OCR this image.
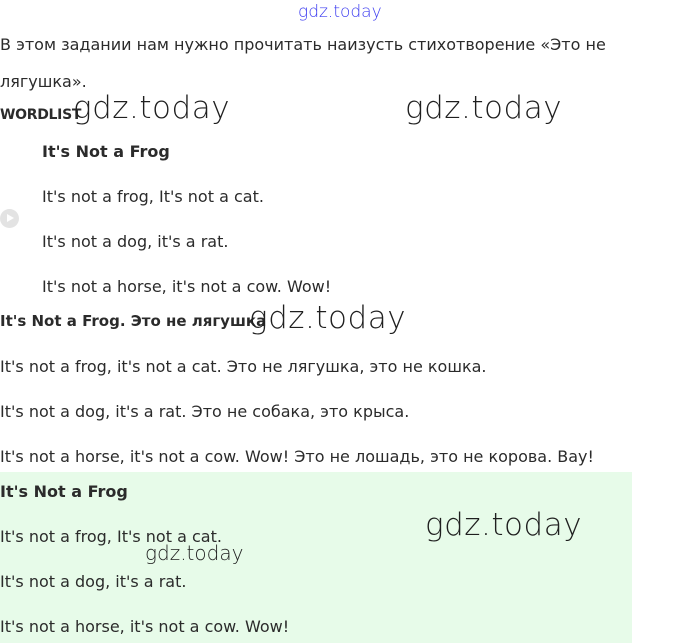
gdz.today
В этом задании нам нужно прочитать наизусть стихотворение «Это не
лягушка».
WORDLIST
gdz.today	gdz.today
It's Not a Frog
It's not a frog, It's not a cat.
It's not a dog, it's a rat.
It's not a horse, it's not a cow. Wow!
It's Not a Frog. Это не лягушка
gdz.today
It's not a frog, it's not a cat. Это не лягушка, это не кошка.
It's not a dog, it's a rat. Это не собака, это крыса.
It's not a horse, it's not a cow. Wow! Это не лошадь, это не корова. Вау!
It's Not a Frog
It's not a frog, It's not a cat.
gdz.today
gdz.today
It's not a dog, it's a rat.
It's not a horse, it's not a cow. Wow!
